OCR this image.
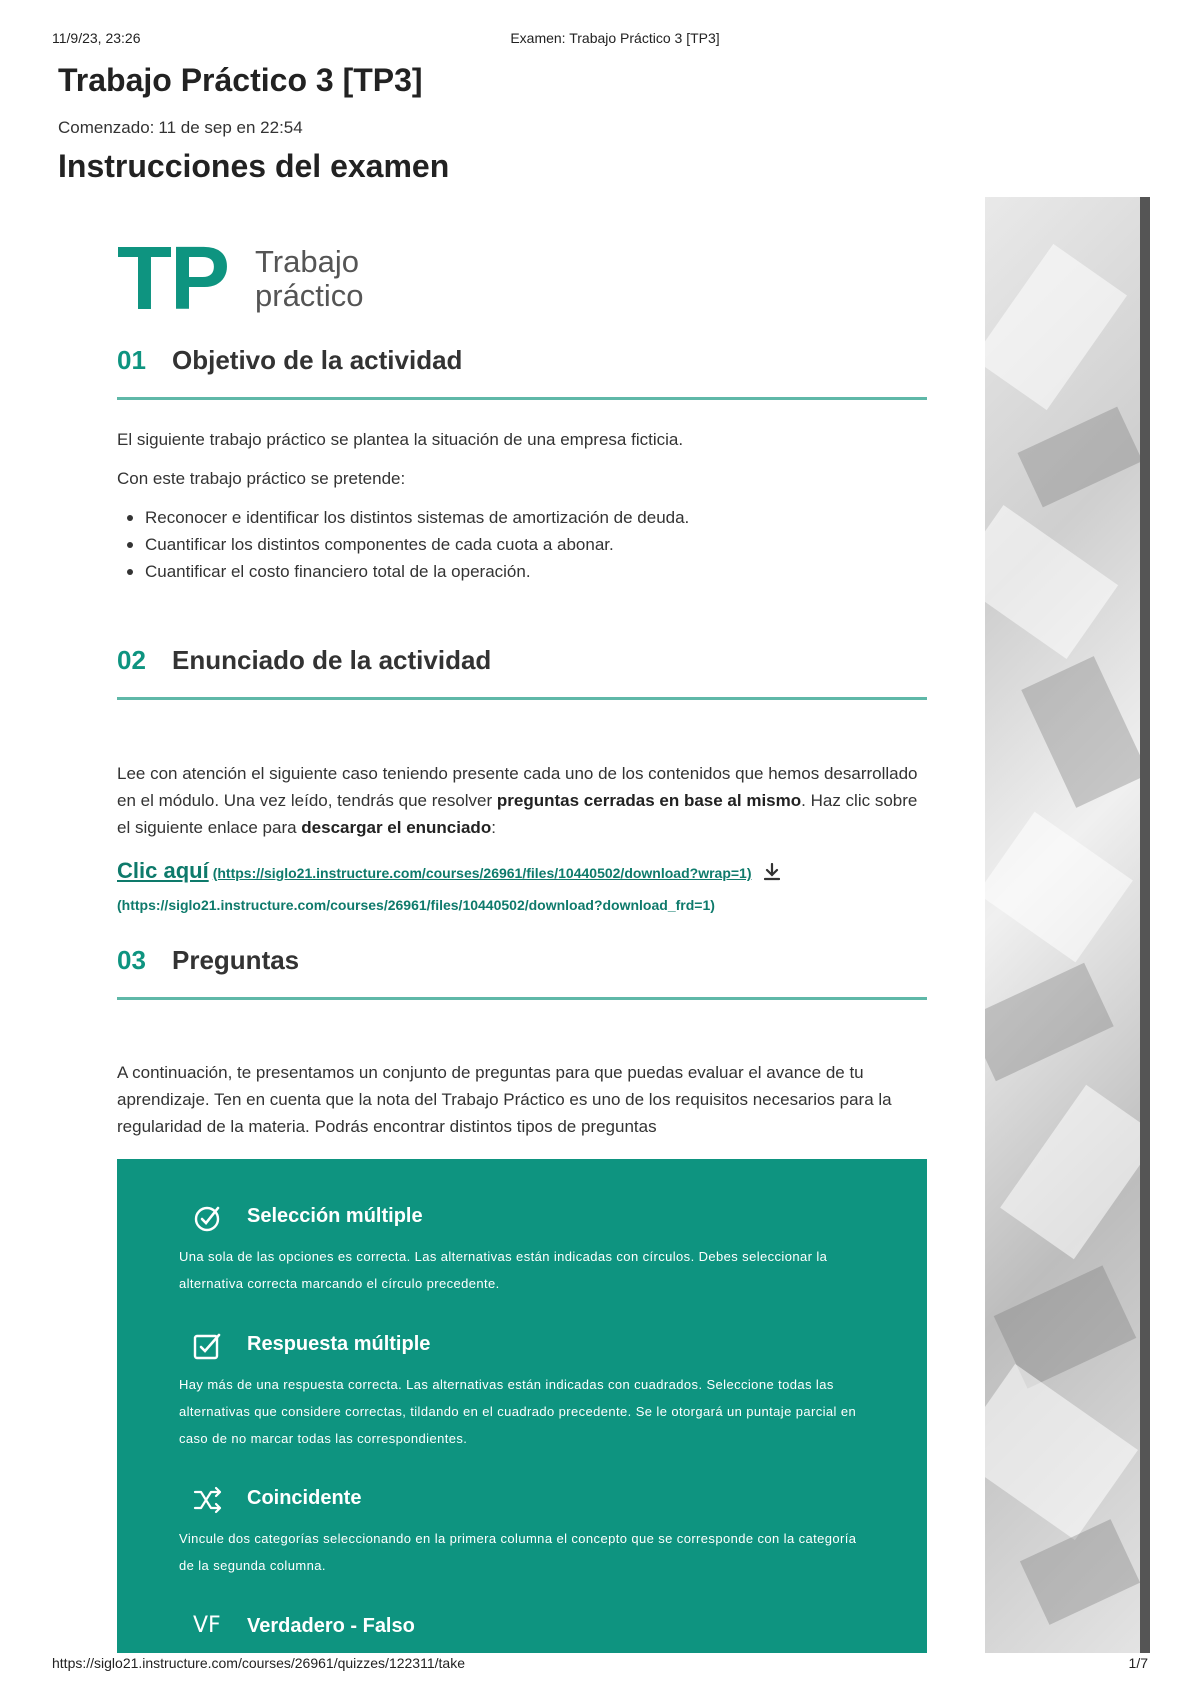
11/9/23, 23:26	Examen: Trabajo Práctico 3 [TP3]
Trabajo Práctico 3 [TP3]
Comenzado: 11 de sep en 22:54
Instrucciones del examen
TP Trabajo
práctico
01 Objetivo de la actividad

El siguiente trabajo práctico se plantea la situación de una empresa ficticia.

Con este trabajo práctico se pretende:

Reconocer e identificar los distintos sistemas de amortización de deuda.
Cuantificar los distintos componentes de cada cuota a abonar.
Cuantificar el costo financiero total de la operación.
02 Enunciado de la actividad

Lee con atención el siguiente caso teniendo presente cada uno de los contenidos que hemos desarrollado en el módulo. Una vez leído, tendrás que resolver preguntas cerradas en base al mismo. Haz clic sobre el siguiente enlace para descargar el enunciado:

Clic aquí (https://siglo21.instructure.com/courses/26961/files/10440502/download?wrap=1)
(https://siglo21.instructure.com/courses/26961/files/10440502/download?download_frd=1)
03 Preguntas

A continuación, te presentamos un conjunto de preguntas para que puedas evaluar el avance de tu aprendizaje. Ten en cuenta que la nota del Trabajo Práctico es uno de los requisitos necesarios para la regularidad de la materia. Podrás encontrar distintos tipos de preguntas

Selección múltiple
Una sola de las opciones es correcta. Las alternativas están indicadas con círculos. Debes seleccionar la alternativa correcta marcando el círculo precedente.
Respuesta múltiple
Hay más de una respuesta correcta. Las alternativas están indicadas con cuadrados. Seleccione todas las alternativas que considere correctas, tildando en el cuadrado precedente. Se le otorgará un puntaje parcial en caso de no marcar todas las correspondientes.
Coincidente
Vincule dos categorías seleccionando en la primera columna el concepto que se corresponde con la categoría de la segunda columna.
VF Verdadero - Falso
https://siglo21.instructure.com/courses/26961/quizzes/122311/take	1/7
